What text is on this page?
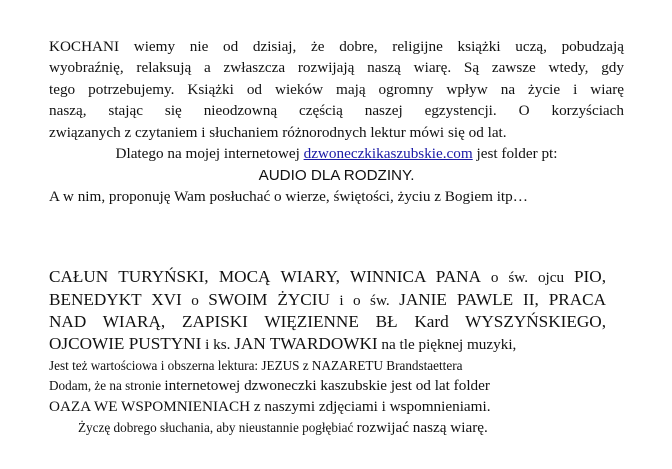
KOCHANI wiemy nie od dzisiaj, że dobre, religijne książki uczą, pobudzają

wyobraźnię, relaksują a zwłaszcza rozwijają naszą wiarę. Są zawsze wtedy, gdy

tego potrzebujemy. Książki od wieków mają ogromny wpływ na życie i wiarę

naszą, stając się nieodzowną częścią naszej egzystencji. O korzyściach

związanych z czytaniem i słuchaniem różnorodnych lektur mówi się od lat.

Dlatego na mojej internetowej dzwoneczkikaszubskie.com jest folder pt:

AUDIO DLA RODZINY.

A w nim, proponuję Wam posłuchać o wierze, świętości, życiu z Bogiem itp…

CAŁUN TURYŃSKI, MOCĄ WIARY, WINNICA PANA o św. ojcu PIO,

BENEDYKT XVI o SWOIM ŻYCIU i o św. JANIE PAWLE II, PRACA

NAD WIARĄ, ZAPISKI WIĘZIENNE BŁ Kard WYSZYŃSKIEGO,

OJCOWIE PUSTYNI i ks. JAN TWARDOWKI na tle pięknej muzyki,

Jest też wartościowa i obszerna lektura: JEZUS z NAZARETU Brandstaettera

Dodam, że na stronie internetowej dzwoneczki kaszubskie jest od lat folder

OAZA WE WSPOMNIENIACH z naszymi zdjęciami i wspomnieniami.

Życzę dobrego słuchania, aby nieustannie pogłębiać rozwijać naszą wiarę.
